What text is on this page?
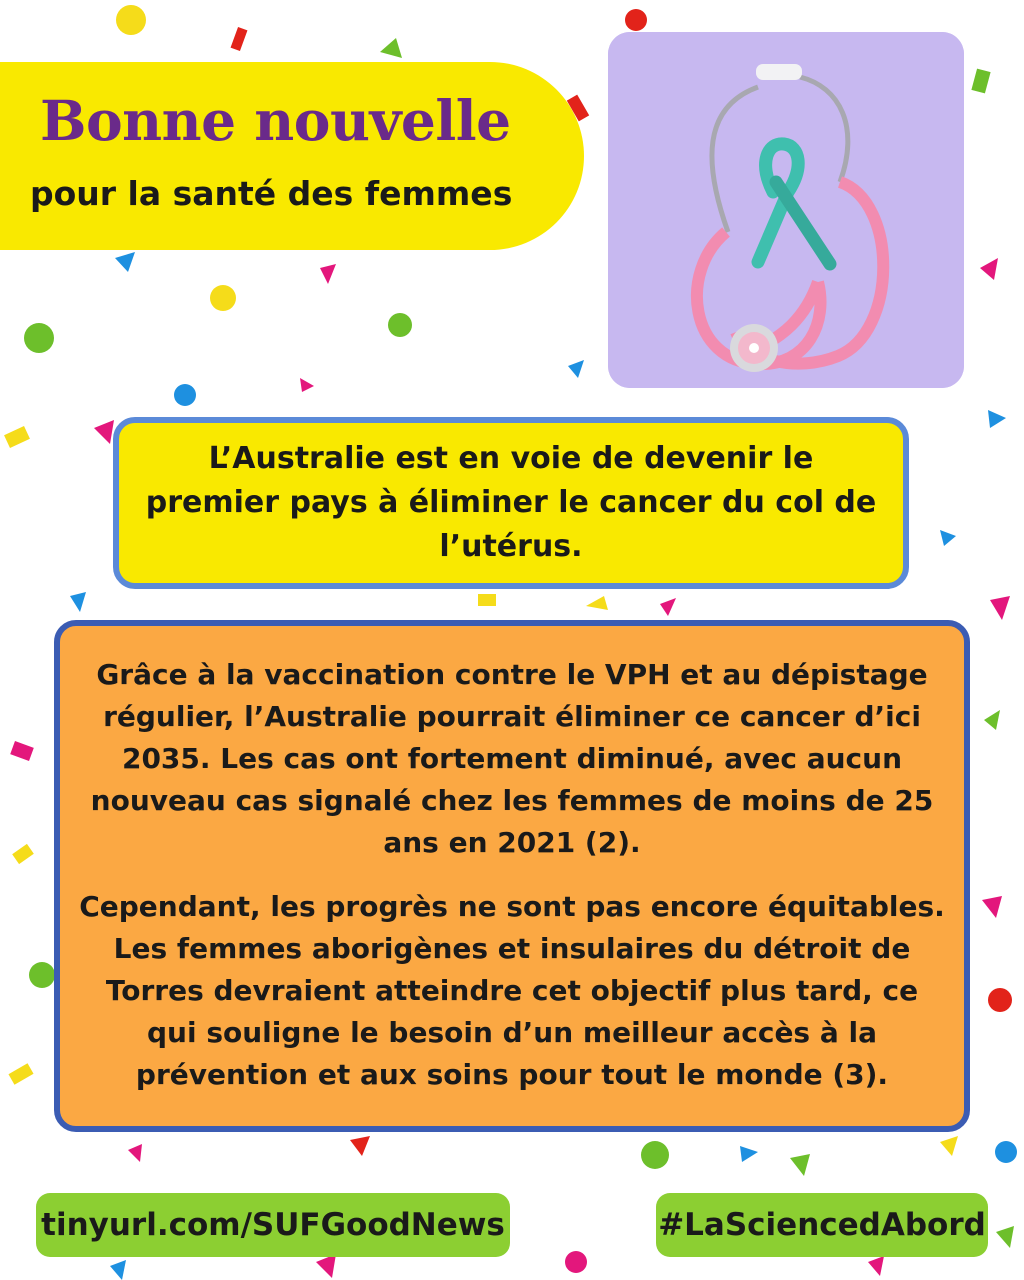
Bonne nouvelle
pour la santé des femmes
L’Australie est en voie de devenir le premier pays à éliminer le cancer du col de l’utérus.

Grâce à la vaccination contre le VPH et au dépistage régulier, l’Australie pourrait éliminer ce cancer d’ici 2035. Les cas ont fortement diminué, avec aucun nouveau cas signalé chez les femmes de moins de 25 ans en 2021 (2).

Cependant, les progrès ne sont pas encore équitables. Les femmes aborigènes et insulaires du détroit de Torres devraient atteindre cet objectif plus tard, ce qui souligne le besoin d’un meilleur accès à la prévention et aux soins pour tout le monde (3).

tinyurl.com/SUFGoodNews	#LaSciencedAbord
